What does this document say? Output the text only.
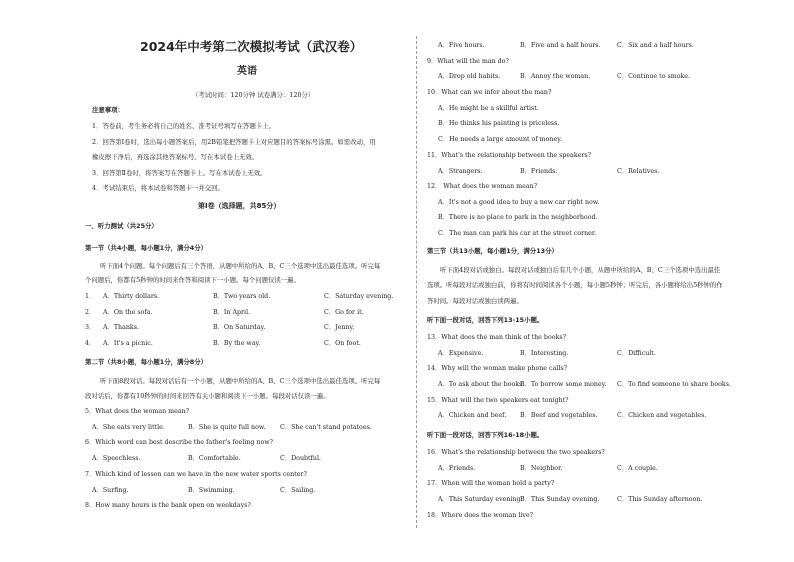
2024年中考第二次模拟考试（武汉卷）
英语
（考试时间：120分钟 试卷满分：120分）
注意事项：
1．答卷前，考生务必将自己的姓名、准考证号填写在答题卡上。
2．回答第Ⅰ卷时，选出每小题答案后，用2B铅笔把答题卡上对应题目的答案标号涂黑。如需改动，用
橡皮擦干净后，再选涂其他答案标号。写在本试卷上无效。
3．回答第Ⅱ卷时，将答案写在答题卡上。写在本试卷上无效。
4．考试结束后，将本试卷和答题卡一并交回。
第Ⅰ卷（选择题，共85分）
一、听力测试（共25分）
第一节（共4小题，每小题1分，满分4分）
听下面4个问题。每个问题后有三个答语，从题中所给的A、B、C三个选项中选出最佳选项。听完每
个问题后，你都有5秒钟的时间来作答和阅读下一小题。每个问题仅读一遍。
1． A．Thirty dollars.	B．Two years old.	C．Saturday evening.
2． A．On the sofa.	B．In April.	C．Go for it.
3． A．Thanks.	B．On Saturday.	C．Jenny.
4． A．It's a picnic.	B．By the way.	C．On foot.
第二节（共8小题，每小题1分，满分8分）
听下面8段对话。每段对话后有一个小题，从题中所给的A、B、C三个选项中选出最佳选项。听完每
段对话后，你都有10秒钟的时间来回答有关小题和阅读下一小题。每段对话仅读一遍。
5．What does the woman mean?
A．She eats very little.	B．She is quite full now. C．She can't stand potatoes.
6．Which word can best describe the father's feeling now?
A．Speechless.	B．Comfortable.	C．Doubtful.
7．Which kind of lesson can we have in the new water sports center?
A．Surfing.	B．Swimming.	C．Sailing.
8．How many hours is the bank open on weekdays?
A．Five hours.	B．Five and a half hours.	C．Six and a half hours.
9．What will the man do?
A．Drop old habits.	B．Annoy the woman.	C．Continue to smoke.
10．What can we infer about the man?
A．He might be a skillful artist.
B．He thinks his painting is priceless.
C．He needs a large amount of money.
11．What's the relationship between the speakers?
A．Strangers.	B．Friends.	C．Relatives.
12． What does the woman mean?
A．It's not a good idea to buy a new car right now.
B．There is no place to park in the neighborhood.
C．The man can park his car at the street corner.
第三节（共13小题，每小题1分，满分13分）
听下面4段对话或独白。每段对话或独白后有几个小题，从题中所给的A、B、C三个选项中选出最佳
选项。听每段对话或独白前，你将有时间阅读各个小题，每小题5秒钟；听完后，各小题将给出5秒钟的作
答时间。每段对话或独白读两遍。
听下面一段对话，回答下列13-15小题。
13．What does the man think of the books?
A．Expensive.	B．Interesting.	C．Difficult.
14．Why will the woman make phone calls?
A．To ask about the books.
B．To borrow some money. C．To find someone to share books.
15．What will the two speakers eat tonight?
A．Chicken and beef. B．Beef and vegetables.	C．Chicken and vegetables.
听下面一段对话，回答下列16-18小题。
16．What's the relationship between the two speakers?
A．Friends.	B．Neighbor.	C．A couple.
17．When will the woman hold a party?
A．This Saturday evening.
B．This Sunday evening.	C．This Sunday afternoon.
18．Where does the woman live?
